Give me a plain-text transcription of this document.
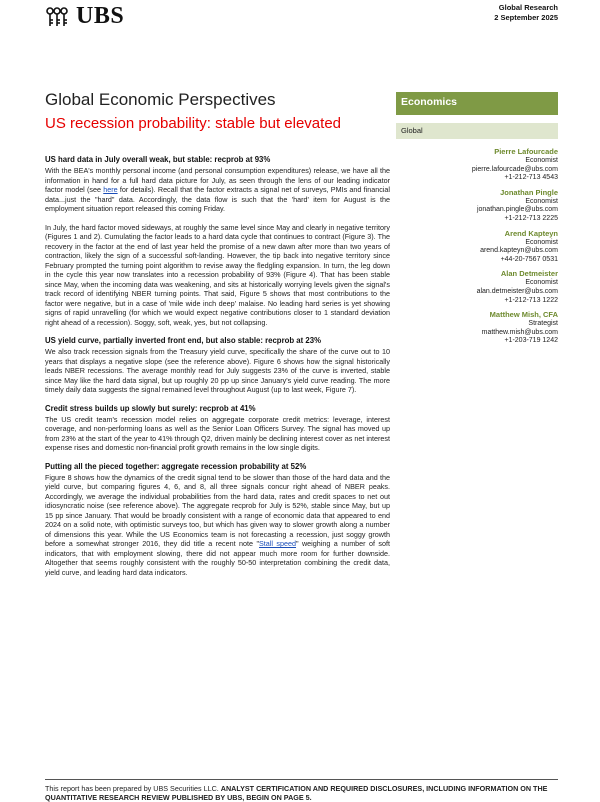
UBS	Global Research
2 September 2025
Global Economic Perspectives
US recession probability: stable but elevated
Economics
Global
Pierre Lafourcade
Economist
pierre.lafourcade@ubs.com
+1-212-713 4543
Jonathan Pingle
Economist
jonathan.pingle@ubs.com
+1-212-713 2225
Arend Kapteyn
Economist
arend.kapteyn@ubs.com
+44-20-7567 0531
Alan Detmeister
Economist
alan.detmeister@ubs.com
+1-212-713 1222
Matthew Mish, CFA
Strategist
matthew.mish@ubs.com
+1-203-719 1242
US hard data in July overall weak, but stable: recprob at 93%

With the BEA's monthly personal income (and personal consumption expenditures) release, we have all the information in hand for a full hard data picture for July, as seen through the lens of our leading indicator factor model (see here for details). Recall that the factor extracts a signal net of surveys, PMIs and financial data...just the "hard" data. Accordingly, the data flow is such that the 'hard' item for August is the employment situation report released this coming Friday.

In July, the hard factor moved sideways, at roughly the same level since May and clearly in negative territory (Figures 1 and 2). Cumulating the factor leads to a hard data cycle that continues to contract (Figure 3). The recovery in the factor at the end of last year held the promise of a new dawn after more than two years of contraction, likely the sign of a successful soft-landing. However, the tip back into negative territory since February prompted the turning point algorithm to revise away the fledgling expansion. In turn, the leg down in the cycle this year now translates into a recession probability of 93% (Figure 4). That has been stable since May, when the incoming data was weakening, and sits at historically worrying levels given the signal's track record of identifying NBER turning points. That said, Figure 5 shows that most contributions to the factor were negative, but in a case of 'mile wide inch deep' malaise. No leading hard series is yet showing signs of rapid unravelling (for which we would expect negative contributions closer to 1 standard deviation right ahead of a recession). Soggy, soft, weak, yes, but not collapsing.

US yield curve, partially inverted front end, but also stable: recprob at 23%

We also track recession signals from the Treasury yield curve, specifically the share of the curve out to 10 years that displays a negative slope (see the reference above). Figure 6 shows how the signal historically leads NBER recessions. The average monthly read for July suggests 23% of the curve is inverted, stable since May like the hard data signal, but up roughly 20 pp up since January's yield curve reading. The more timely daily data suggests the signal remained level throughout August (up to last week, Figure 7).

Credit stress builds up slowly but surely: recprob at 41%

The US credit team's recession model relies on aggregate corporate credit metrics: leverage, interest coverage, and non-performing loans as well as the Senior Loan Officers Survey. The signal has moved up from 23% at the start of the year to 41% through Q2, driven mainly be declining interest cover as net interest expense rises and domestic non-financial profit growth remains in the low single digits.

Putting all the pieced together: aggregate recession probability at 52%

Figure 8 shows how the dynamics of the credit signal tend to be slower than those of the hard data and the yield curve, but comparing figures 4, 6, and 8, all three signals concur right ahead of NBER peaks. Accordingly, we average the individual probabilities from the hard data, rates and credit spaces to net out idiosyncratic noise (see reference above). The aggregate recprob for July is 52%, stable since May, but up 15 pp since January. That would be broadly consistent with a range of economic data that appeared to end 2024 on a solid note, with optimistic surveys too, but which has given way to slower growth along a number of dimensions this year. While the US Economics team is not forecasting a recession, just soggy growth before a somewhat stronger 2016, they did title a recent note "Stall speed" weighing a number of soft indicators, that with employment slowing, there did not appear much more room for further downside. Altogether that seems roughly consistent with the roughly 50-50 interpretation combining the credit data, yield curve, and leading hard data indicators.

This report has been prepared by UBS Securities LLC. ANALYST CERTIFICATION AND REQUIRED DISCLOSURES, INCLUDING INFORMATION ON THE QUANTITATIVE RESEARCH REVIEW PUBLISHED BY UBS, BEGIN ON PAGE 5.
